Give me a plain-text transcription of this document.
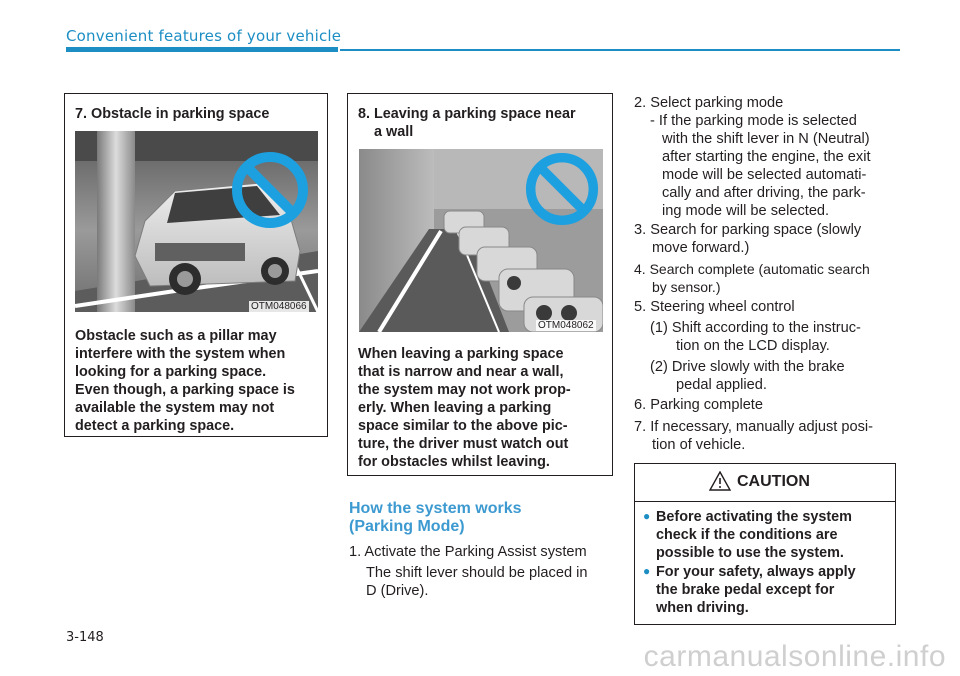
Convenient features of your vehicle
7. Obstacle in parking space
OTM048066
Obstacle such as a pillar may
interfere with the system when
looking for a parking space.
Even though, a parking space is
available the system may not
detect a parking space.
8. Leaving a parking space near
a wall
OTM048062
When leaving a parking space
that is narrow and near a wall,
the system may not work prop-
erly. When leaving a parking
space similar to the above pic-
ture, the driver must watch out
for obstacles whilst leaving.
How the system works
(Parking Mode)
1. Activate the Parking Assist system
The shift lever should be placed in
D (Drive).
2. Select parking mode
- If the parking mode is selected
with the shift lever in N (Neutral)
after starting the engine, the exit
mode will be selected automati-
cally and after driving, the park-
ing mode will be selected.
3. Search for parking space (slowly
move forward.)
4. Search complete (automatic search
by sensor.)
5. Steering wheel control
(1) Shift according to the instruc-
tion on the LCD display.
(2) Drive slowly with the brake
pedal applied.
6. Parking complete
7. If necessary, manually adjust posi-
tion of vehicle.
CAUTION
● Before activating the system
check if the conditions are
possible to use the system.
● For your safety, always apply
the brake pedal except for
when driving.
3-148
carmanualsonline.info
